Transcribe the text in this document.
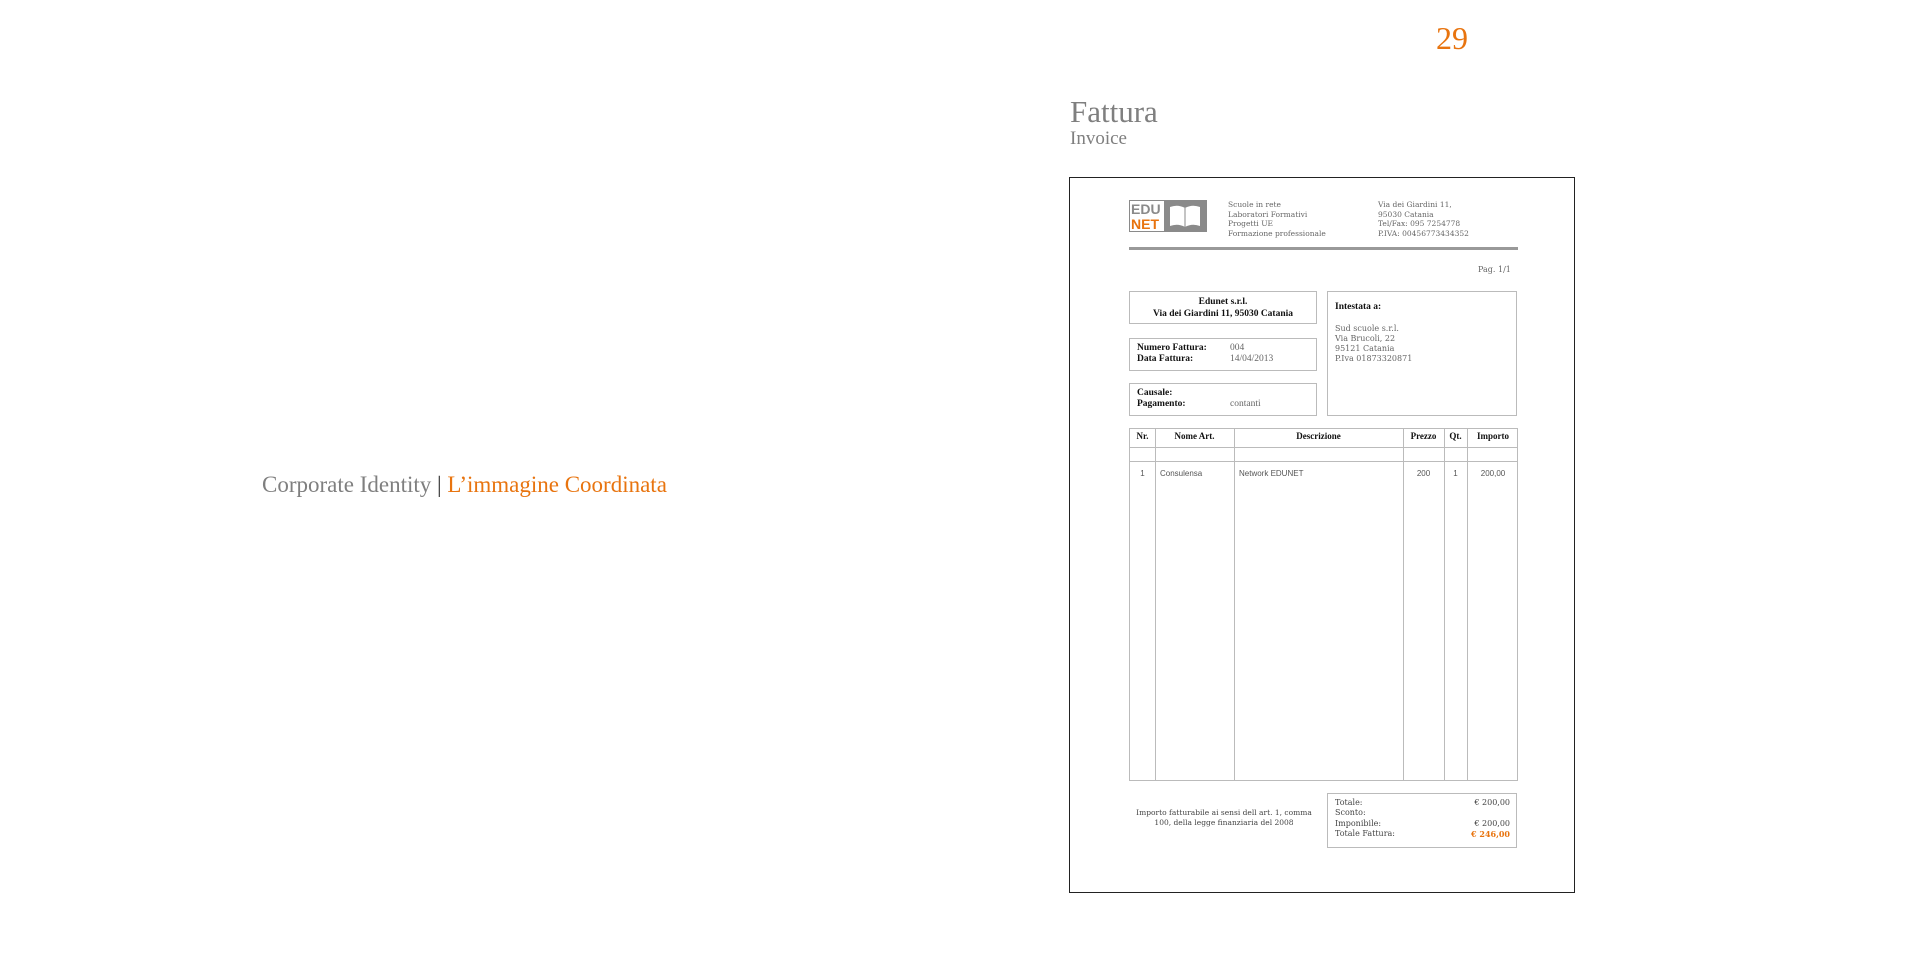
29
Fattura
Invoice
Corporate Identity | L’immagine Coordinata
EDU
NET
Scuole in rete
Laboratori Formativi
Progetti UE
Formazione professionale
Via dei Giardini 11,
95030 Catania
Tel/Fax: 095 7254778
P.IVA: 00456773434352
Pag. 1/1
Edunet s.r.l.
Via dei Giardini 11, 95030 Catania
Numero Fattura: 004
Data Fattura:	14/04/2013
Causale:
Pagamento:	contanti
Intestata a:
Sud scuole s.r.l.
Via Brucoli, 22
95121 Catania
P.Iva 01873320871
Nr.	Nome Art.	Descrizione	Prezzo	Qt.	Importo
1	Consulensa	Network EDUNET	200	1	200,00
Importo fatturabile ai sensi dell art. 1, comma 100, della legge finanziaria del 2008
Totale:	€ 200,00
Sconto:
Imponibile:	€ 200,00
Totale Fattura:	€ 246,00
